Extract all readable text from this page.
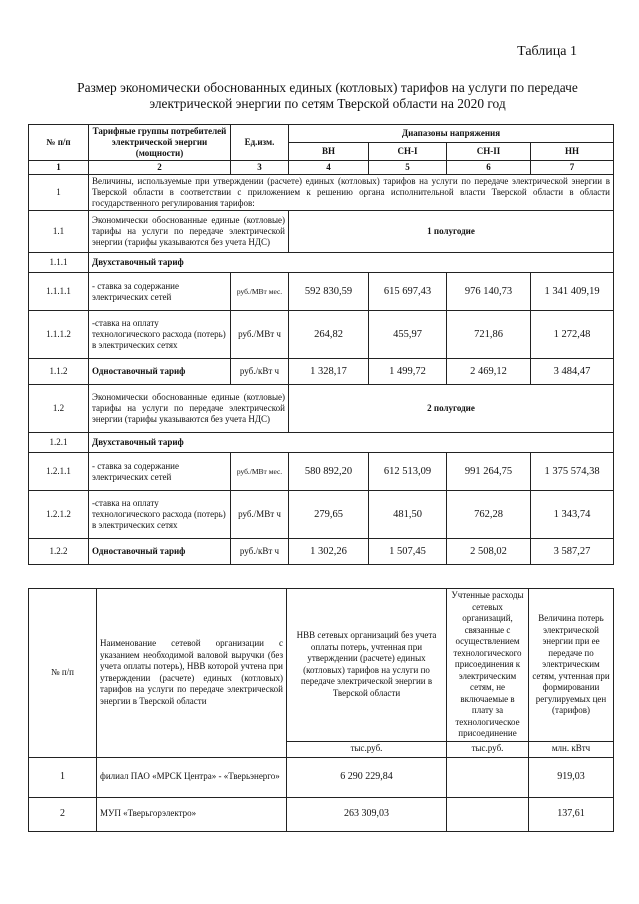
Таблица 1
Размер экономически обоснованных единых (котловых) тарифов на услуги по передаче электрической энергии по сетям Тверской области на 2020 год
№ п/п	Тарифные группы потребителей электрической энергии (мощности)	Ед.изм.	Диапазоны напряжения			
			ВН	СН-I	СН-II	НН
1	2	3	4	5	6	7
1	Величины, используемые при утверждении (расчете) единых (котловых) тарифов на услуги по передаче электрической энергии в Тверской области в соответствии с приложением к решению органа исполнительной власти Тверской области в области государственного регулирования тарифов:					
1.1	Экономически обоснованные единые (котловые) тарифы на услуги по передаче электрической энергии (тарифы указываются без учета НДС)		1 полугодие			
1.1.1	Двухставочный тариф					
1.1.1.1	- ставка за содержание электрических сетей	руб./МВт мес.	592 830,59	615 697,43	976 140,73	1 341 409,19
1.1.1.2	-ставка на оплату технологического расхода (потерь) в электрических сетях	руб./МВт ч	264,82	455,97	721,86	1 272,48
1.1.2	Одноставочный тариф	руб./кВт ч	1 328,17	1 499,72	2 469,12	3 484,47
1.2	Экономически обоснованные единые (котловые) тарифы на услуги по передаче электрической энергии (тарифы указываются без учета НДС)		2 полугодие			
1.2.1	Двухставочный тариф					
1.2.1.1	- ставка за содержание электрических сетей	руб./МВт мес.	580 892,20	612 513,09	991 264,75	1 375 574,38
1.2.1.2	-ставка на оплату технологического расхода (потерь) в электрических сетях	руб./МВт ч	279,65	481,50	762,28	1 343,74
1.2.2	Одноставочный тариф	руб./кВт ч	1 302,26	1 507,45	2 508,02	3 587,27
№ п/п	Наименование сетевой организации с указанием необходимой валовой выручки (без учета оплаты потерь), НВВ которой учтена при утверждении (расчете) единых (котловых) тарифов на услуги по передаче электрической энергии в Тверской области	НВВ сетевых организаций без учета оплаты потерь, учтенная при утверждении (расчете) единых (котловых) тарифов на услуги по передаче электрической энергии в Тверской области	Учтенные расходы сетевых организаций, связанные с осуществлением технологического присоединения к электрическим сетям, не включаемые в плату за технологическое присоединение	Величина потерь электрической энергии при ее передаче по электрическим сетям, учтенная при формировании регулируемых цен (тарифов)
		тыс.руб.	тыс.руб.	млн. кВтч
1	филиал ПАО «МРСК Центра» - «Тверьэнерго»	6 290 229,84		919,03
2	МУП «Тверьгорэлектро»	263 309,03		137,61
